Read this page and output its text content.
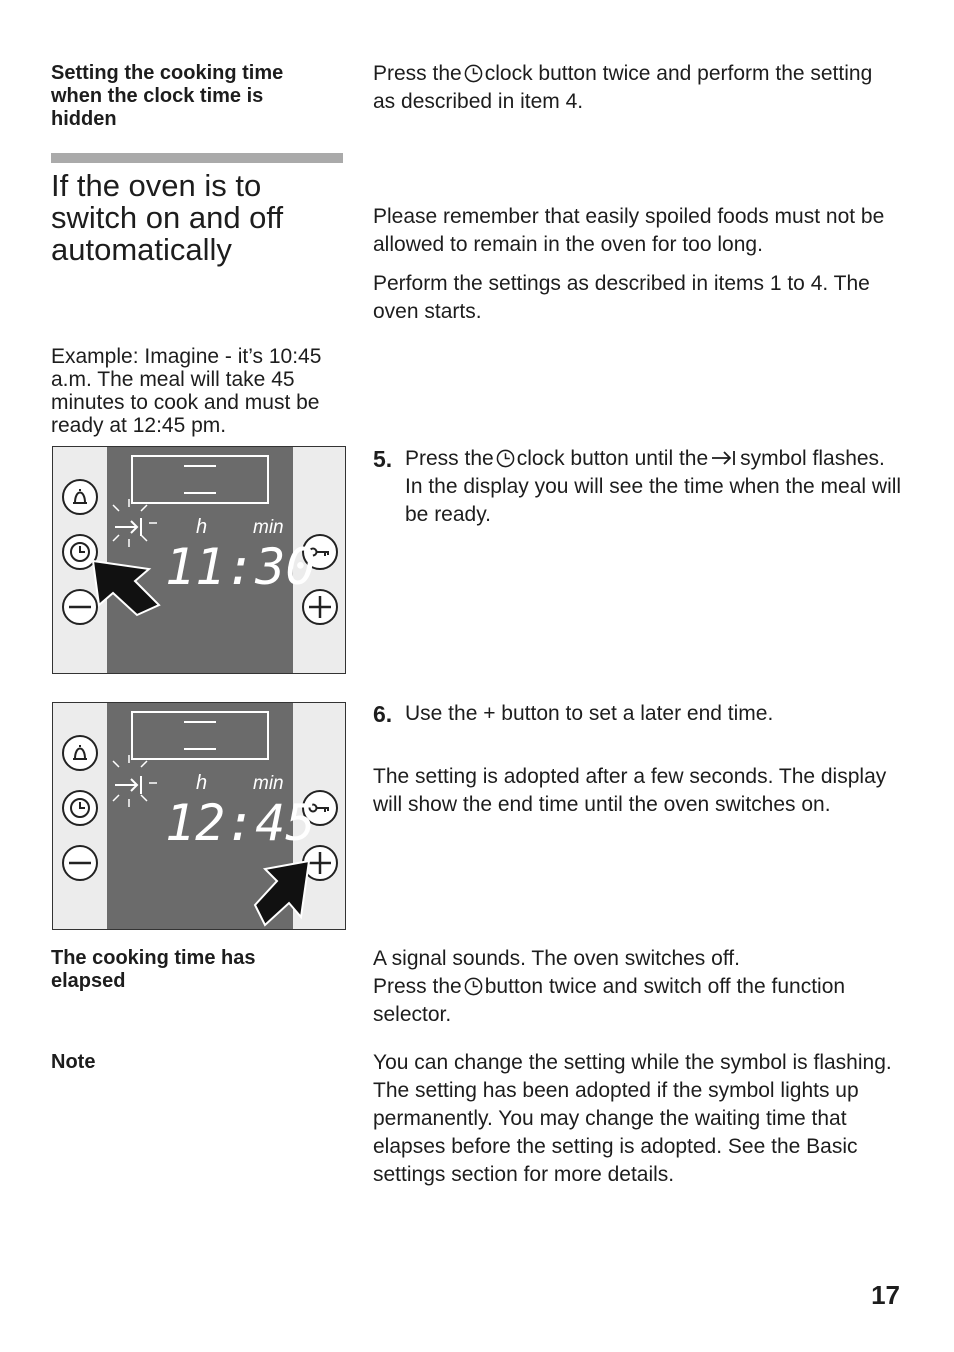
Setting the cooking time when the clock time is hidden
Press the clock button twice and perform the setting as described in item 4.
If the oven is to switch on and off automatically
Please remember that easily spoiled foods must not be allowed to remain in the oven for too long.
Perform the settings as described in items 1 to 4. The oven starts.
Example: Imagine - it’s 10:45 a.m. The meal will take 45 minutes to cook and must be ready at 12:45 pm.
h min
11:30
5. Press the clock button until the symbol flashes.
In the display you will see the time when the meal will be ready.
h min
12:45
6. Use the + button to set a later end time.
The setting is adopted after a few seconds. The display will show the end time until the oven switches on.
The cooking time has elapsed
A signal sounds. The oven switches off.
Press the button twice and switch off the function selector.
Note	You can change the setting while the symbol is flashing. The setting has been adopted if the symbol lights up permanently. You may change the waiting time that elapses before the setting is adopted. See the Basic settings section for more details.
17
